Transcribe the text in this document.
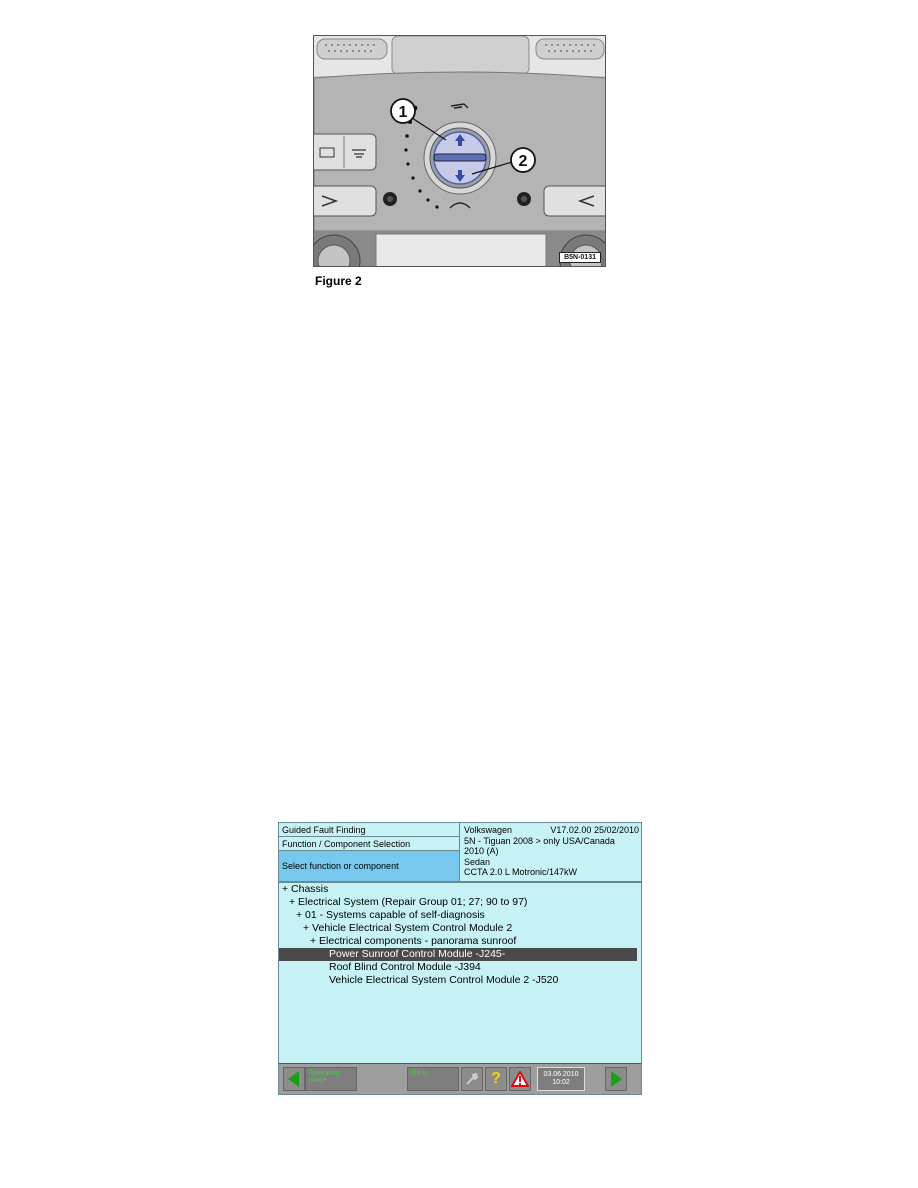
1
2
B5N-0131
Figure 2
Guided Fault Finding
Function / Component Selection
Select function or component
Volkswagen	V17.02.00 25/02/2010
5N - Tiguan 2008 > only USA/Canada
2010 (A)
Sedan
CCTA 2.0 L Motronic/147kW
+ Chassis
+ Electrical System (Repair Group 01; 27; 90 to 97)
+ 01 - Systems capable of self-diagnosis
+ Vehicle Electrical System Control Module 2
+ Electrical components - panorama sunroof
Power Sunroof Control Module -J245-
Roof Blind Control Module -J394
Vehicle Electrical System Control Module 2 -J520
Operating mode
Go to	?	03.06.2010
10:02
